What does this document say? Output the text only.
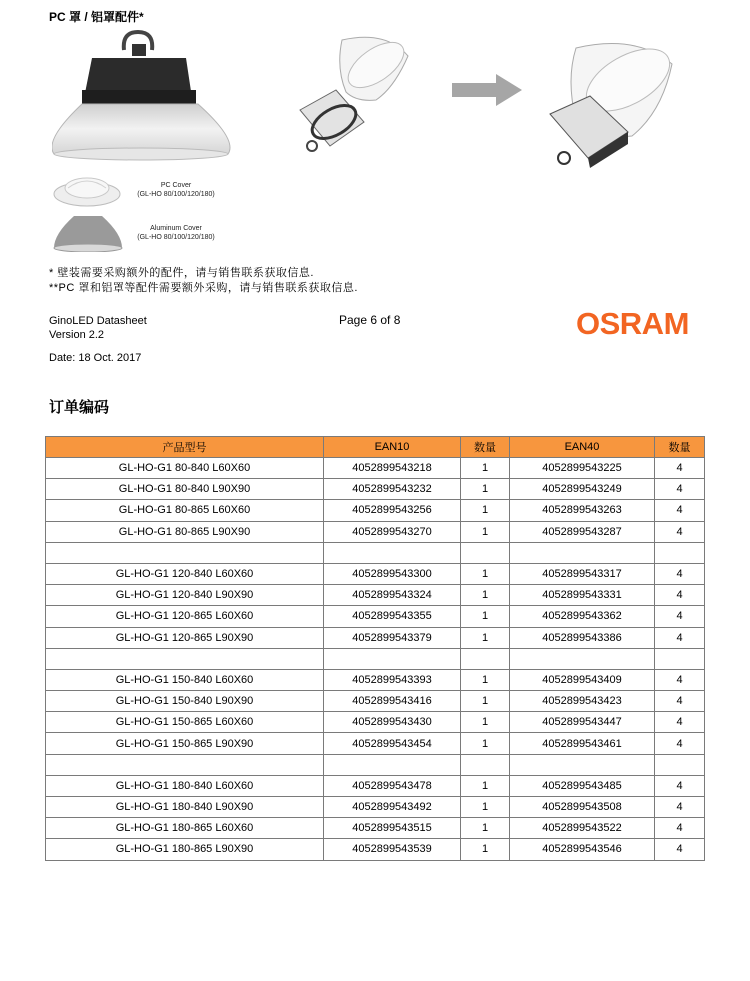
PC 罩 / 铝罩配件*
PC Cover
(GL-HO 80/100/120/180)
Aluminum Cover
(GL-HO 80/100/120/180)
* 壁装需要采购额外的配件，请与销售联系获取信息.
**PC 罩和铝罩等配件需要额外采购，请与销售联系获取信息.
GinoLED Datasheet
Version 2.2
Date: 18 Oct. 2017
Page 6 of 8	OSRAM
订单编码
产品型号	EAN10	数量	EAN40	数量
GL-HO-G1 80-840 L60X60	4052899543218	1	4052899543225	4
GL-HO-G1 80-840 L90X90	4052899543232	1	4052899543249	4
GL-HO-G1 80-865 L60X60	4052899543256	1	4052899543263	4
GL-HO-G1 80-865 L90X90	4052899543270	1	4052899543287	4

GL-HO-G1 120-840 L60X60	4052899543300	1	4052899543317	4
GL-HO-G1 120-840 L90X90	4052899543324	1	4052899543331	4
GL-HO-G1 120-865 L60X60	4052899543355	1	4052899543362	4
GL-HO-G1 120-865 L90X90	4052899543379	1	4052899543386	4

GL-HO-G1 150-840 L60X60	4052899543393	1	4052899543409	4
GL-HO-G1 150-840 L90X90	4052899543416	1	4052899543423	4
GL-HO-G1 150-865 L60X60	4052899543430	1	4052899543447	4
GL-HO-G1 150-865 L90X90	4052899543454	1	4052899543461	4

GL-HO-G1 180-840 L60X60	4052899543478	1	4052899543485	4
GL-HO-G1 180-840 L90X90	4052899543492	1	4052899543508	4
GL-HO-G1 180-865 L60X60	4052899543515	1	4052899543522	4
GL-HO-G1 180-865 L90X90	4052899543539	1	4052899543546	4
